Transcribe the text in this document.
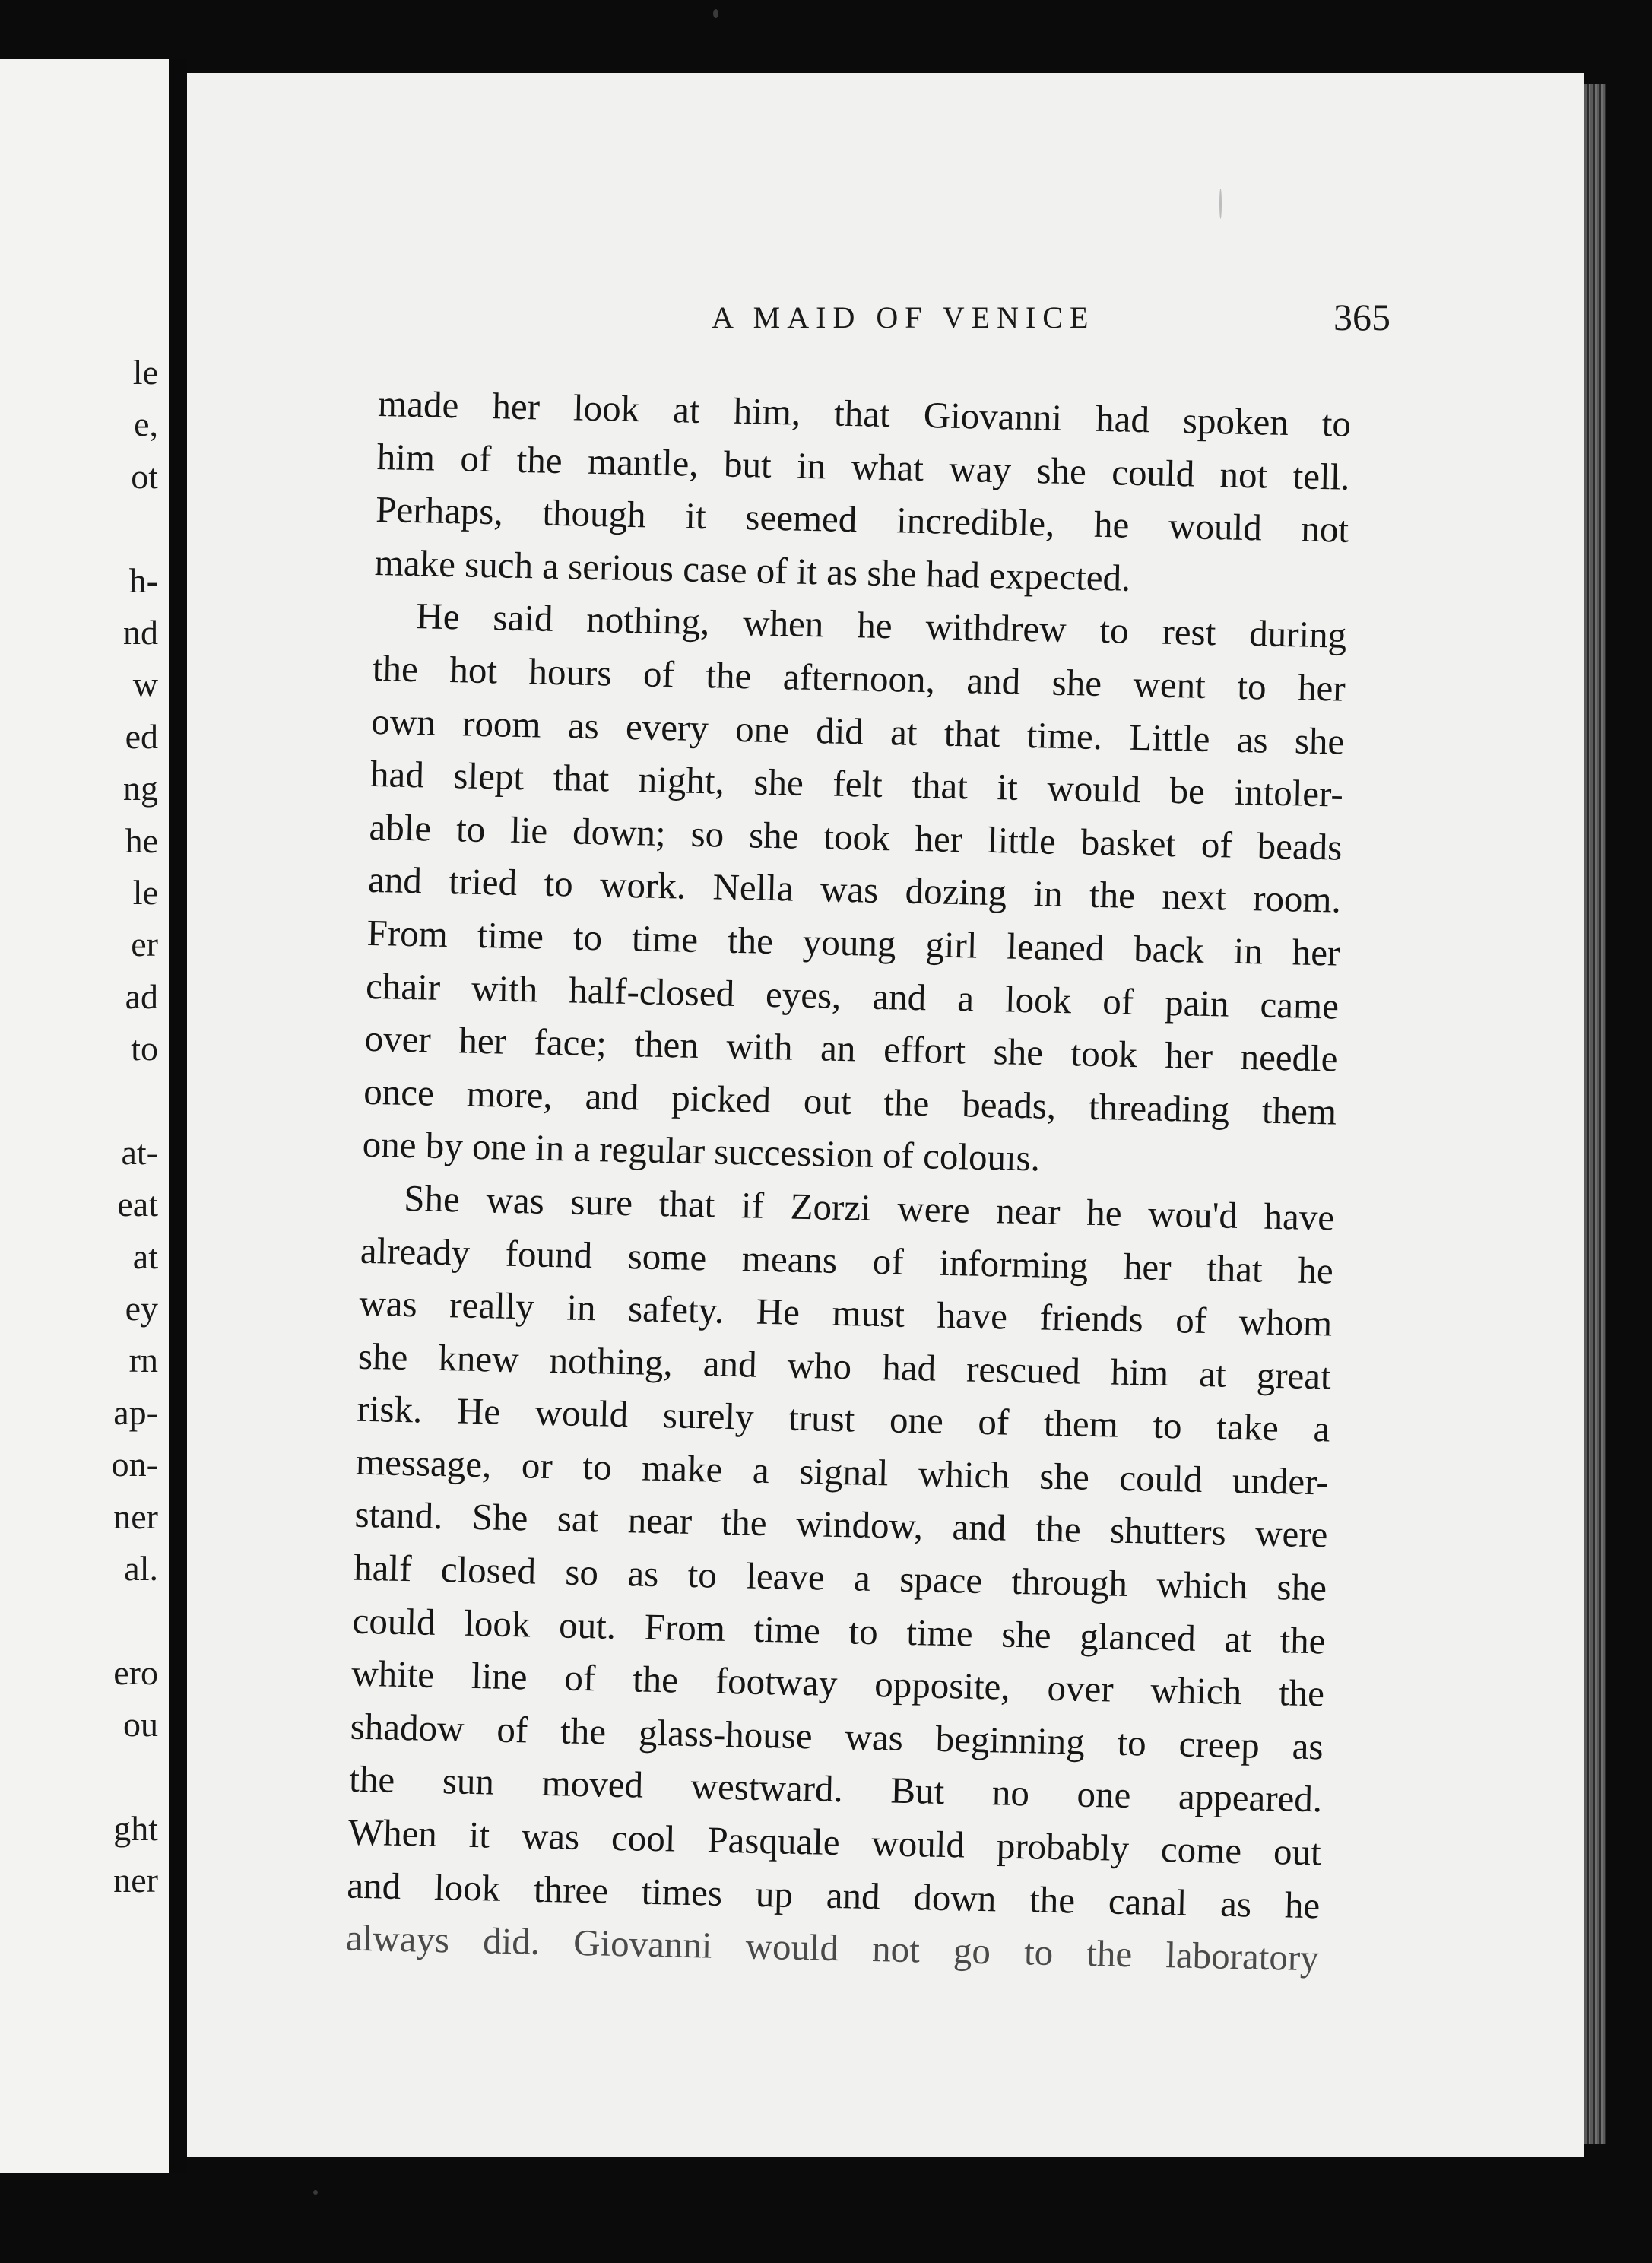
le
e,
ot
h-
nd
w
ed
ng
he
le
er
ad
to
at-
eat
at
ey
rn
ap-
on-
ner
al.
ero
ou
ght
ner
A MAID OF VENICE	365
made her look at him, that Giovanni had spoken to
him of the mantle, but in what way she could not tell.
Perhaps, though it seemed incredible, he would not
make such a serious case of it as she had expected.
He said nothing, when he withdrew to rest during
the hot hours of the afternoon, and she went to her
own room as every one did at that time. Little as she
had slept that night, she felt that it would be intoler-
able to lie down; so she took her little basket of beads
and tried to work. Nella was dozing in the next room.
From time to time the young girl leaned back in her
chair with half-closed eyes, and a look of pain came
over her face; then with an effort she took her needle
once more, and picked out the beads, threading them
one by one in a regular succession of colouıs.
She was sure that if Zorzi were near he wou'd have
already found some means of informing her that he
was really in safety. He must have friends of whom
she knew nothing, and who had rescued him at great
risk. He would surely trust one of them to take a
message, or to make a signal which she could under-
stand. She sat near the window, and the shutters were
half closed so as to leave a space through which she
could look out. From time to time she glanced at the
white line of the footway opposite, over which the
shadow of the glass-house was beginning to creep as
the sun moved westward. But no one appeared.
When it was cool Pasquale would probably come out
and look three times up and down the canal as he
always did. Giovanni would not go to the laboratory
